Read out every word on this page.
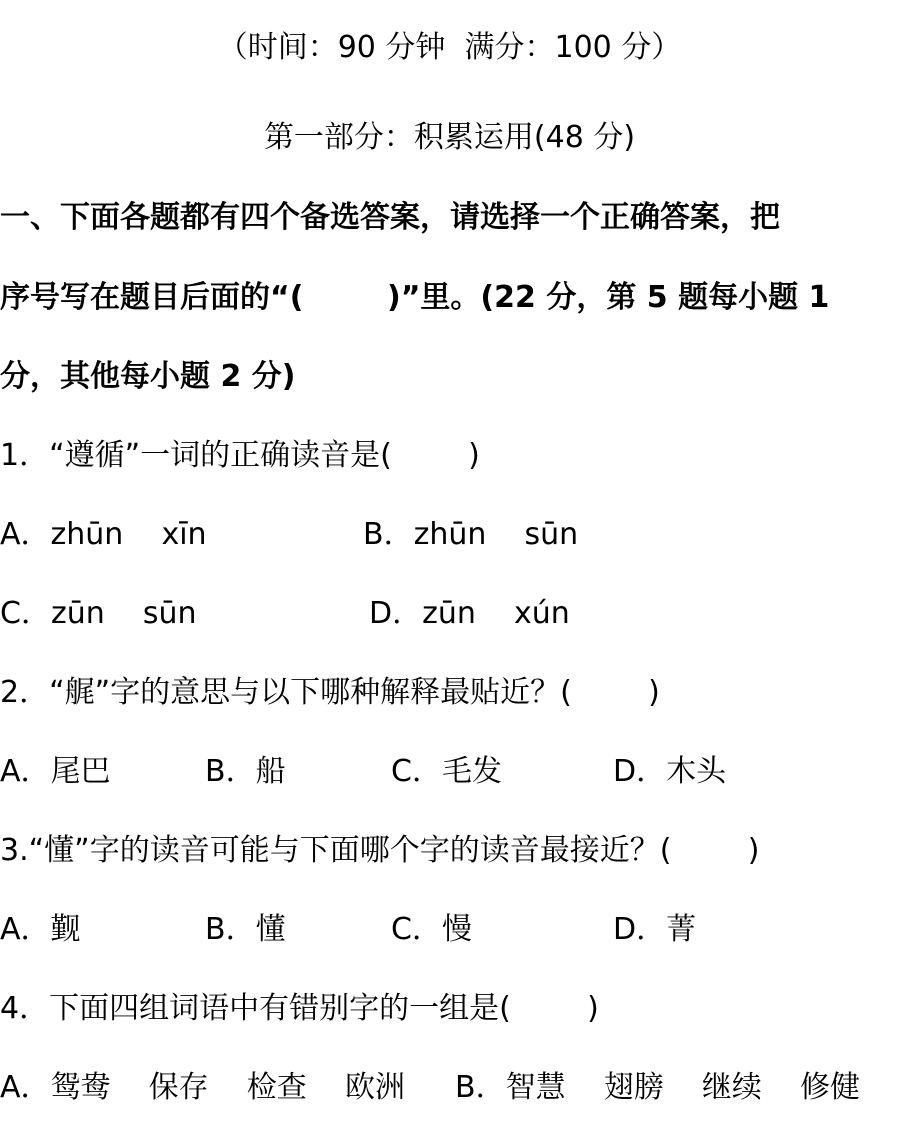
（时间：90 分钟  满分：100 分）
第一部分：积累运用(48 分)
一、下面各题都有四个备选答案，请选择一个正确答案，把
序号写在题目后面的“(        )”里。(22 分，第 5 题每小题 1
分，其他每小题 2 分)
1．“遵循”一词的正确读音是(        )
A．zhūn    xīn	B．zhūn    sūn
C．zūn    sūn	D．zūn    xún
2．“艉”字的意思与以下哪种解释最贴近？(        )
A．尾巴	B．船	C．毛发	D．木头
3.“懂”字的读音可能与下面哪个字的读音最接近？(        )
A．觐	B．懂	C．慢	D．菁
4．下面四组词语中有错别字的一组是(        )
A．鸳鸯    保存    检查    欧洲 B．智慧    翅膀    继续    修健
